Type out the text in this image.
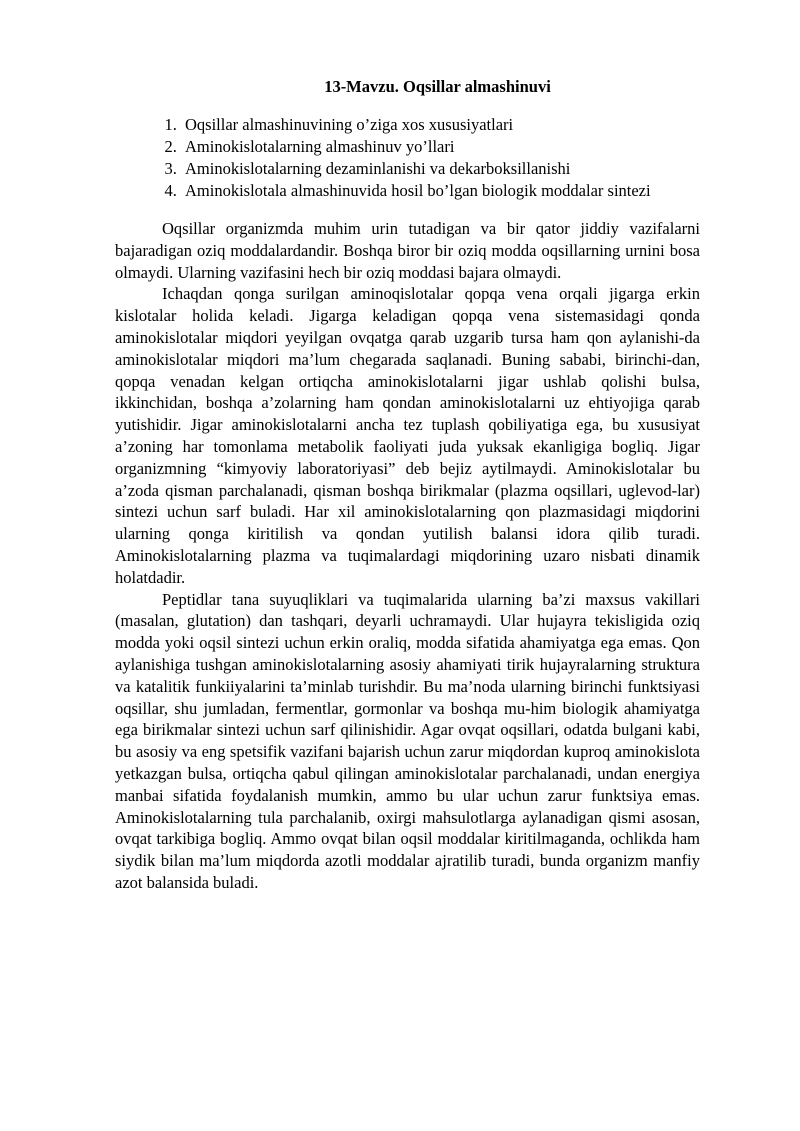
13-Mavzu. Oqsillar almashinuvi
1. Oqsillar almashinuvining o’ziga xos xususiyatlari
2. Aminokislotalarning almashinuv yo’llari
3. Aminokislotalarning dezaminlanishi va dekarboksillanishi
4. Aminokislotala almashinuvida hosil bo’lgan biologik moddalar sintezi

Oqsillar organizmda muhim urin tutadigan va bir qator jiddiy vazifalarni bajaradigan oziq moddalardandir. Boshqa biror bir oziq modda oqsillarning urnini bosa olmaydi. Ularning vazifasini hech bir oziq moddasi bajara olmaydi.

Ichaqdan qonga surilgan aminoqislotalar qopqa vena orqali jigarga erkin kislotalar holida keladi. Jigarga keladigan qopqa vena sistemasidagi qonda aminokislotalar miqdori yeyilgan ovqatga qarab uzgarib tursa ham qon aylanishi-da aminokislotalar miqdori ma’lum chegarada saqlanadi. Buning sababi, birinchi-dan, qopqa venadan kelgan ortiqcha aminokislotalarni jigar ushlab qolishi bulsa, ikkinchidan, boshqa a’zolarning ham qondan aminokislotalarni uz ehtiyojiga qarab yutishidir. Jigar aminokislotalarni ancha tez tuplash qobiliyatiga ega, bu xususiyat a’zoning har tomonlama metabolik faoliyati juda yuksak ekanligiga bogliq. Jigar organizmning “kimyoviy laboratoriyasi” deb bejiz aytilmaydi. Aminokislotalar bu a’zoda qisman parchalanadi, qisman boshqa birikmalar (plazma oqsillari, uglevod-lar) sintezi uchun sarf buladi. Har xil aminokislotalarning qon plazmasidagi miqdorini ularning qonga kiritilish va qondan yutilish balansi idora qilib turadi. Aminokislotalarning plazma va tuqimalardagi miqdorining uzaro nisbati dinamik holatdadir.

Peptidlar tana suyuqliklari va tuqimalarida ularning ba’zi maxsus vakillari (masalan, glutation) dan tashqari, deyarli uchramaydi. Ular hujayra tekisligida oziq modda yoki oqsil sintezi uchun erkin oraliq, modda sifatida ahamiyatga ega emas. Qon aylanishiga tushgan aminokislotalarning asosiy ahamiyati tirik hujayralarning struktura va katalitik funkiiyalarini ta’minlab turishdir. Bu ma’noda ularning birinchi funktsiyasi oqsillar, shu jumladan, fermentlar, gormonlar va boshqa mu-him biologik ahamiyatga ega birikmalar sintezi uchun sarf qilinishidir. Agar ovqat oqsillari, odatda bulgani kabi, bu asosiy va eng spetsifik vazifani bajarish uchun zarur miqdordan kuproq aminokislota yetkazgan bulsa, ortiqcha qabul qilingan aminokislotalar parchalanadi, undan energiya manbai sifatida foydalanish mumkin, ammo bu ular uchun zarur funktsiya emas. Aminokislotalarning tula parchalanib, oxirgi mahsulotlarga aylanadigan qismi asosan, ovqat tarkibiga bogliq. Ammo ovqat bilan oqsil moddalar kiritilmaganda, ochlikda ham siydik bilan ma’lum miqdorda azotli moddalar ajratilib turadi, bunda organizm manfiy azot balansida buladi.
